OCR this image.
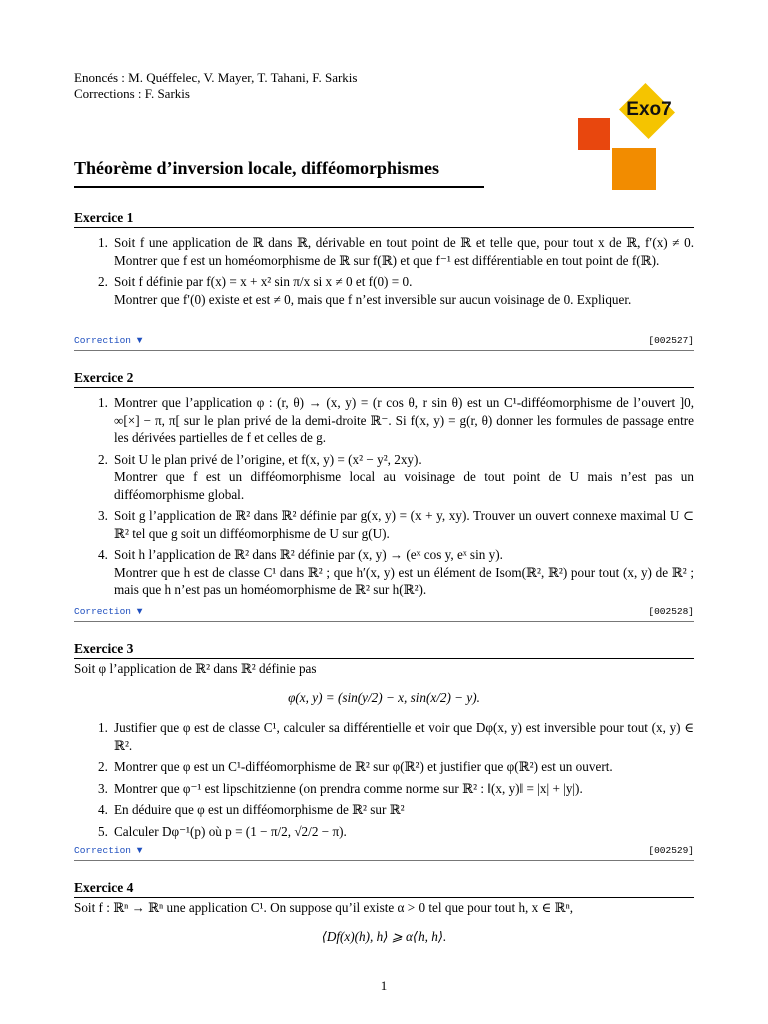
Enoncés : M. Quéffelec, V. Mayer, T. Tahani, F. Sarkis
Corrections : F. Sarkis
Exo7
Théorème d’inversion locale, difféomorphismes
Exercice 1
1. Soit f une application de ℝ dans ℝ, dérivable en tout point de ℝ et telle que, pour tout x de ℝ, f′(x) ≠ 0. Montrer que f est un homéomorphisme de ℝ sur f(ℝ) et que f⁻¹ est différentiable en tout point de f(ℝ).
2. Soit f définie par f(x) = x + x² sin π/x si x ≠ 0 et f(0) = 0.
Montrer que f′(0) existe et est ≠ 0, mais que f n’est inversible sur aucun voisinage de 0. Expliquer.
Correction ▼	[002527]
Exercice 2
1. Montrer que l’application φ : (r, θ) → (x, y) = (r cos θ, r sin θ) est un C¹-difféomorphisme de l’ouvert ]0, ∞[×] − π, π[ sur le plan privé de la demi-droite ℝ⁻. Si f(x, y) = g(r, θ) donner les formules de passage entre les dérivées partielles de f et celles de g.
2. Soit U le plan privé de l’origine, et f(x, y) = (x² − y², 2xy).
Montrer que f est un difféomorphisme local au voisinage de tout point de U mais n’est pas un difféomorphisme global.
3. Soit g l’application de ℝ² dans ℝ² définie par g(x, y) = (x + y, xy). Trouver un ouvert connexe maximal U ⊂ ℝ² tel que g soit un difféomorphisme de U sur g(U).
4. Soit h l’application de ℝ² dans ℝ² définie par (x, y) → (eˣ cos y, eˣ sin y).
Montrer que h est de classe C¹ dans ℝ² ; que h′(x, y) est un élément de Isom(ℝ², ℝ²) pour tout (x, y) de ℝ² ; mais que h n’est pas un homéomorphisme de ℝ² sur h(ℝ²).
Correction ▼	[002528]
Exercice 3
Soit φ l’application de ℝ² dans ℝ² définie pas
φ(x, y) = (sin(y/2) − x, sin(x/2) − y).
1. Justifier que φ est de classe C¹, calculer sa différentielle et voir que Dφ(x, y) est inversible pour tout (x, y) ∈ ℝ².
2. Montrer que φ est un C¹-difféomorphisme de ℝ² sur φ(ℝ²) et justifier que φ(ℝ²) est un ouvert.
3. Montrer que φ⁻¹ est lipschitzienne (on prendra comme norme sur ℝ² : ‖(x, y)‖ = |x| + |y|).
4. En déduire que φ est un difféomorphisme de ℝ² sur ℝ²
5. Calculer Dφ⁻¹(p) où p = (1 − π/2, √2/2 − π).
Correction ▼	[002529]
Exercice 4
Soit f : ℝⁿ → ℝⁿ une application C¹. On suppose qu’il existe α > 0 tel que pour tout h, x ∈ ℝⁿ,
⟨Df(x)(h), h⟩ ⩾ α⟨h, h⟩.
1
